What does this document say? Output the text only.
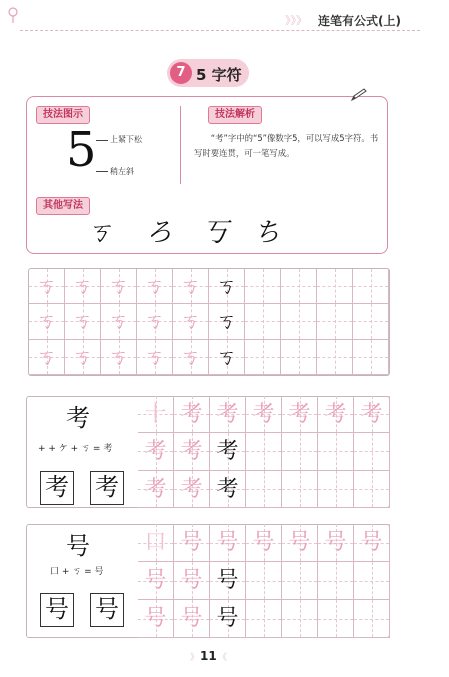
》》》 连笔有公式(上)
7 5 字符
技法图示	技法解析
其他写法
5 上紧下松
稍左斜
“考”字中的“5”像数字5，可以写成5字符。书写时要连贯，可一笔写成。
ㄎ ろ 丂 ち
ㄎ ㄎ ㄎ ㄎ ㄎ ㄎ
ㄎ ㄎ ㄎ ㄎ ㄎ ㄎ
ㄎ ㄎ ㄎ ㄎ ㄎ ㄎ
考
+ + ケ + ㄎ = 考
考 考
十 考 考 考 考 考 考
考 考 考
考 考 考
号
口 + ㄎ = 号
号 号
口 号 号 号 号 号 号
号 号 号
号 号 号
》 11 《
